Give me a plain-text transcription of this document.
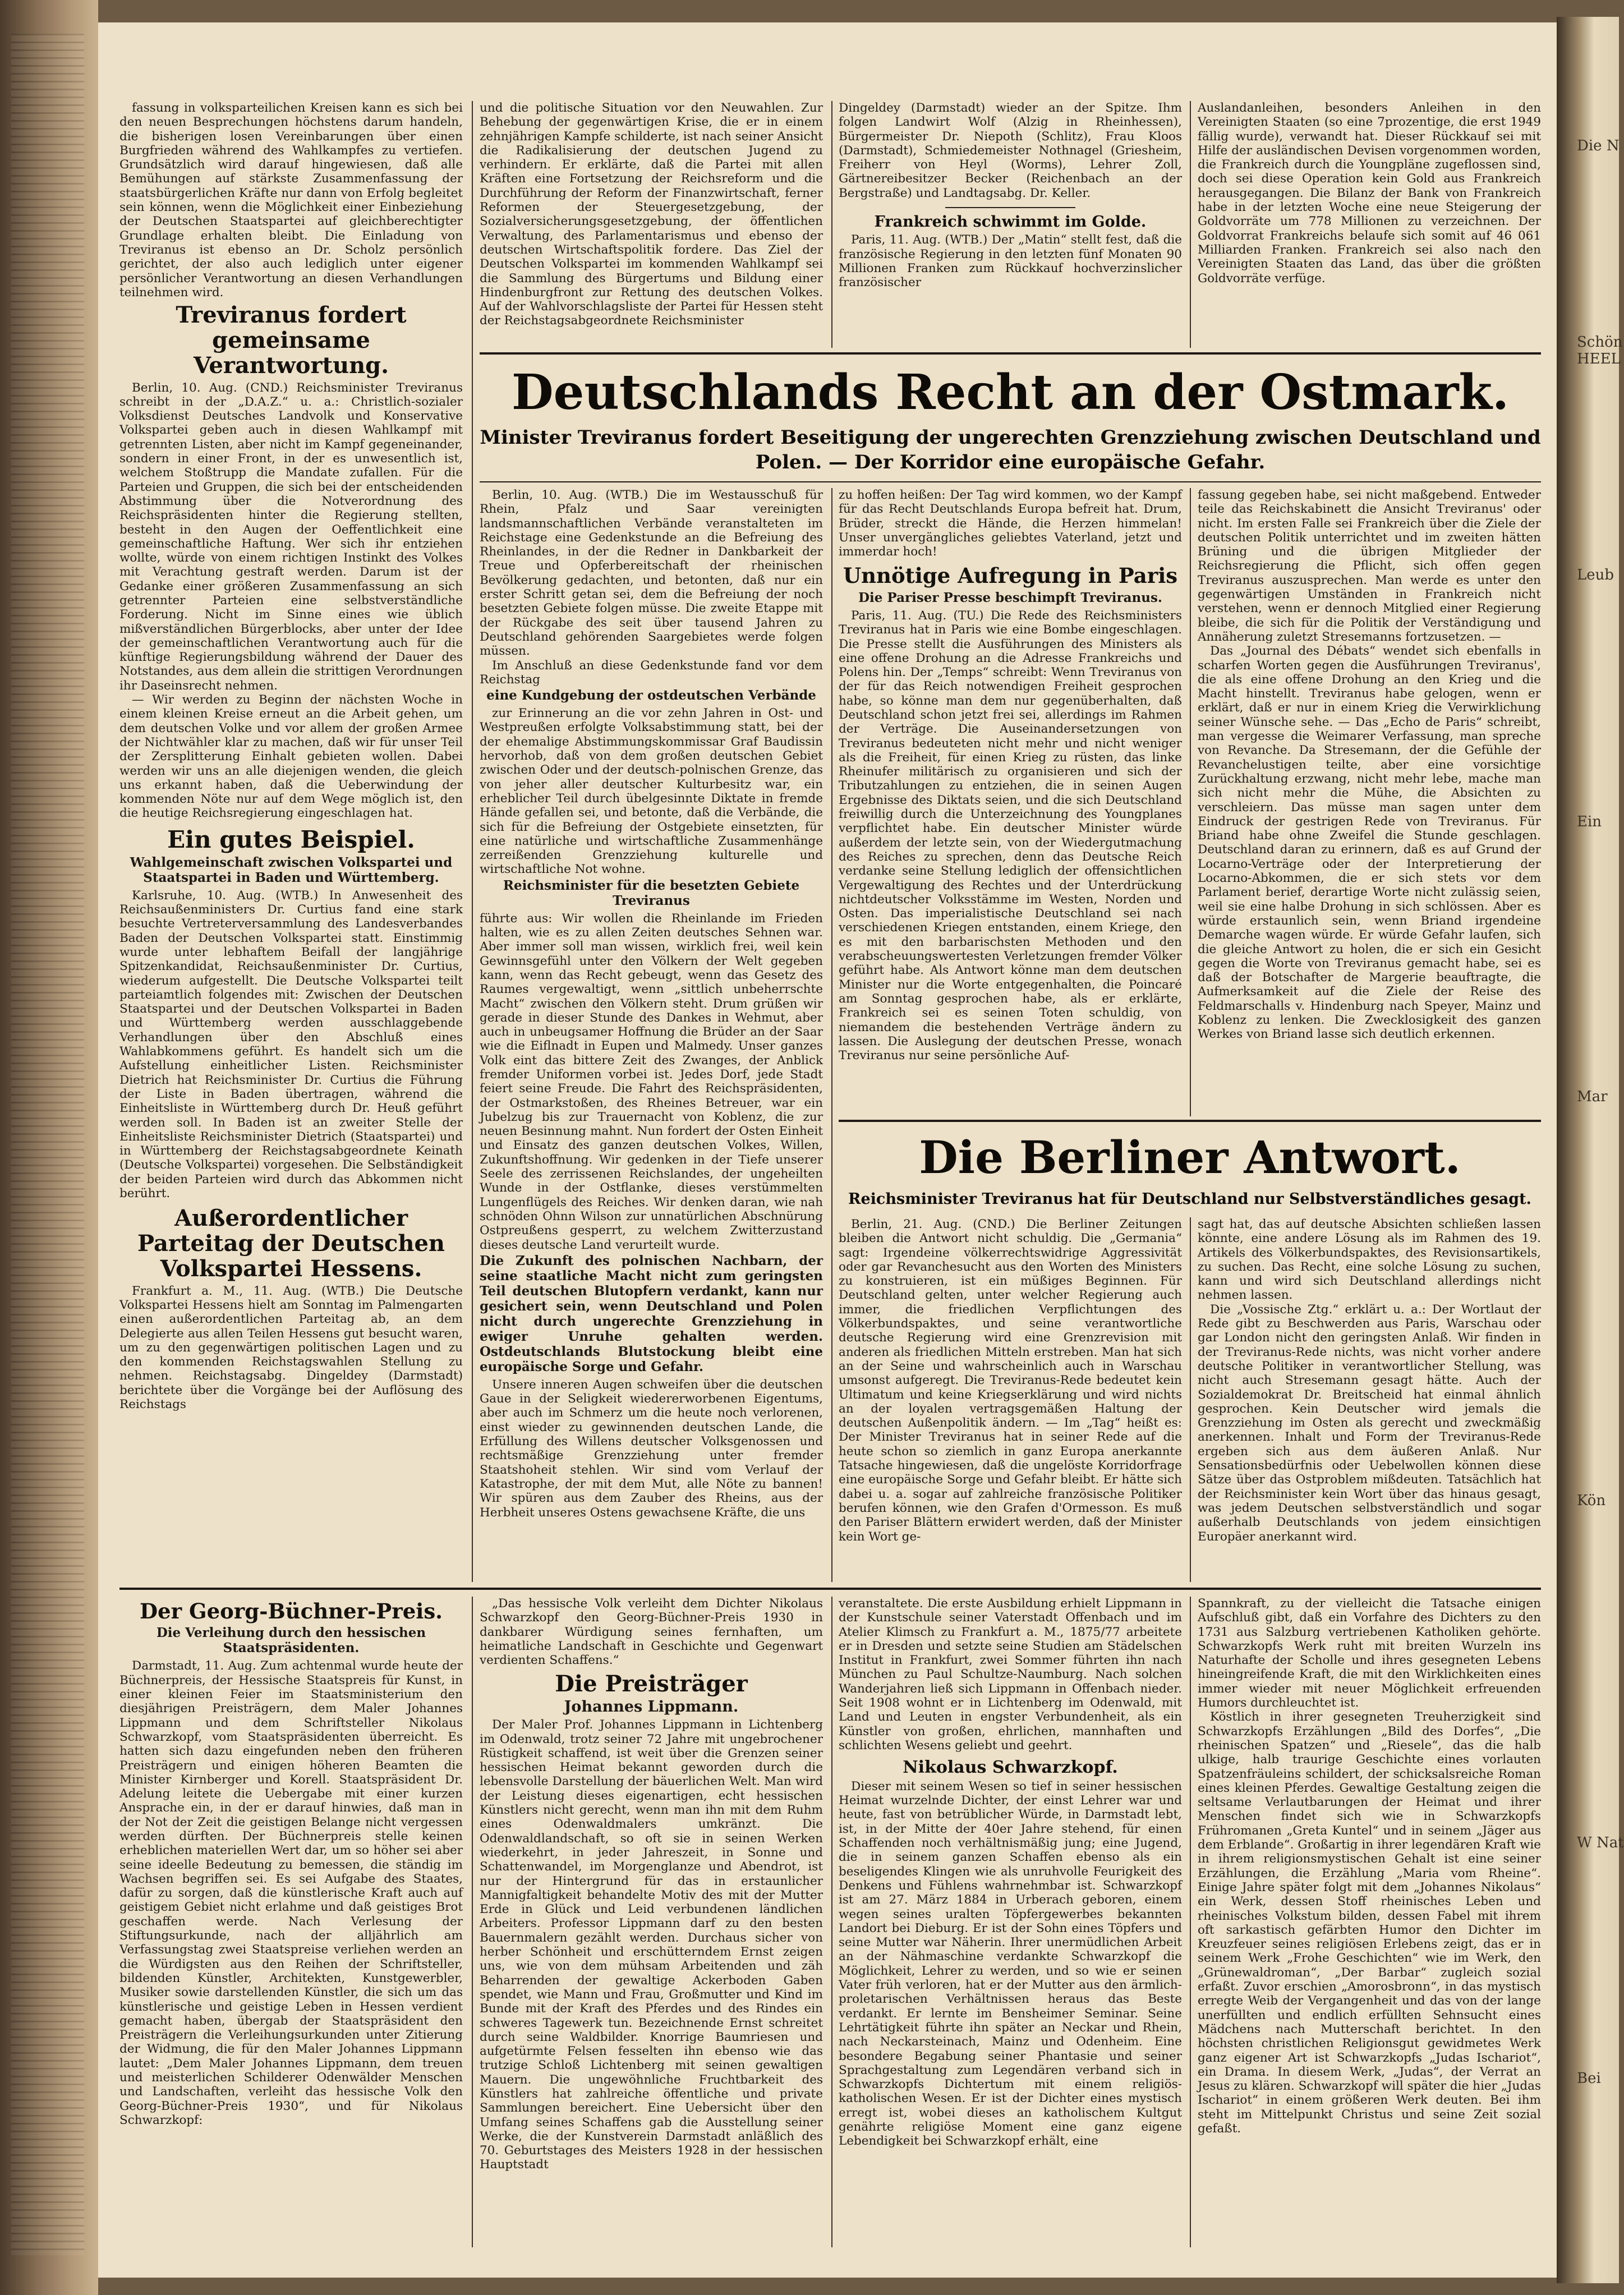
Die N
Schön
HEEL
Leub
Ein
Mar
Kön
W Nat
Bei

fassung in volksparteilichen Kreisen kann es sich bei den neuen Besprechungen höchstens darum handeln, die bisherigen losen Vereinbarungen über einen Burgfrieden während des Wahlkampfes zu vertiefen. Grundsätzlich wird darauf hingewiesen, daß alle Bemühungen auf stärkste Zusammenfassung der staatsbürgerlichen Kräfte nur dann von Erfolg begleitet sein können, wenn die Möglichkeit einer Einbeziehung der Deutschen Staatspartei auf gleichberechtigter Grundlage erhalten bleibt. Die Einladung von Treviranus ist ebenso an Dr. Scholz persönlich gerichtet, der also auch lediglich unter eigener persönlicher Verantwortung an diesen Verhandlungen teilnehmen wird.

Treviranus fordert gemeinsame Verantwortung.

Berlin, 10. Aug. (CND.) Reichsminister Treviranus schreibt in der „D.A.Z.“ u. a.: Christlich-sozialer Volksdienst Deutsches Landvolk und Konservative Volkspartei geben auch in diesen Wahlkampf mit getrennten Listen, aber nicht im Kampf gegeneinander, sondern in einer Front, in der es unwesentlich ist, welchem Stoßtrupp die Mandate zufallen. Für die Parteien und Gruppen, die sich bei der entscheidenden Abstimmung über die Notverordnung des Reichspräsidenten hinter die Regierung stellten, besteht in den Augen der Oeffentlichkeit eine gemeinschaftliche Haftung. Wer sich ihr entziehen wollte, würde von einem richtigen Instinkt des Volkes mit Verachtung gestraft werden. Darum ist der Gedanke einer größeren Zusammenfassung an sich getrennter Parteien eine selbstverständliche Forderung. Nicht im Sinne eines wie üblich mißverständlichen Bürgerblocks, aber unter der Idee der gemeinschaftlichen Verantwortung auch für die künftige Regierungsbildung während der Dauer des Notstandes, aus dem allein die strittigen Verordnungen ihr Daseinsrecht nehmen.

— Wir werden zu Beginn der nächsten Woche in einem kleinen Kreise erneut an die Arbeit gehen, um dem deutschen Volke und vor allem der großen Armee der Nichtwähler klar zu machen, daß wir für unser Teil der Zersplitterung Einhalt gebieten wollen. Dabei werden wir uns an alle diejenigen wenden, die gleich uns erkannt haben, daß die Ueberwindung der kommenden Nöte nur auf dem Wege möglich ist, den die heutige Reichsregierung eingeschlagen hat.

Ein gutes Beispiel.
Wahlgemeinschaft zwischen Volkspartei und Staatspartei in Baden und Württemberg.

Karlsruhe, 10. Aug. (WTB.) In Anwesenheit des Reichsaußenministers Dr. Curtius fand eine stark besuchte Vertreterversammlung des Landesverbandes Baden der Deutschen Volkspartei statt. Einstimmig wurde unter lebhaftem Beifall der langjährige Spitzenkandidat, Reichsaußenminister Dr. Curtius, wiederum aufgestellt. Die Deutsche Volkspartei teilt parteiamtlich folgendes mit: Zwischen der Deutschen Staatspartei und der Deutschen Volkspartei in Baden und Württemberg werden ausschlaggebende Verhandlungen über den Abschluß eines Wahlabkommens geführt. Es handelt sich um die Aufstellung einheitlicher Listen. Reichsminister Dietrich hat Reichsminister Dr. Curtius die Führung der Liste in Baden übertragen, während die Einheitsliste in Württemberg durch Dr. Heuß geführt werden soll. In Baden ist an zweiter Stelle der Einheitsliste Reichsminister Dietrich (Staatspartei) und in Württemberg der Reichstagsabgeordnete Keinath (Deutsche Volkspartei) vorgesehen. Die Selbständigkeit der beiden Parteien wird durch das Abkommen nicht berührt.

Außerordentlicher Parteitag der Deutschen Volkspartei Hessens.

Frankfurt a. M., 11. Aug. (WTB.) Die Deutsche Volkspartei Hessens hielt am Sonntag im Palmengarten einen außerordentlichen Parteitag ab, an dem Delegierte aus allen Teilen Hessens gut besucht waren, um zu den gegenwärtigen politischen Lagen und zu den kommenden Reichstagswahlen Stellung zu nehmen. Reichstagsabg. Dingeldey (Darmstadt) berichtete über die Vorgänge bei der Auflösung des Reichstags

und die politische Situation vor den Neuwahlen. Zur Behebung der gegenwärtigen Krise, die er in einem zehnjährigen Kampfe schilderte, ist nach seiner Ansicht die Radikalisierung der deutschen Jugend zu verhindern. Er erklärte, daß die Partei mit allen Kräften eine Fortsetzung der Reichsreform und die Durchführung der Reform der Finanzwirtschaft, ferner Reformen der Steuergesetzgebung, der Sozialversicherungsgesetzgebung, der öffentlichen Verwaltung, des Parlamentarismus und ebenso der deutschen Wirtschaftspolitik fordere. Das Ziel der Deutschen Volkspartei im kommenden Wahlkampf sei die Sammlung des Bürgertums und Bildung einer Hindenburgfront zur Rettung des deutschen Volkes. Auf der Wahlvorschlagsliste der Partei für Hessen steht der Reichstagsabgeordnete Reichsminister

Dingeldey (Darmstadt) wieder an der Spitze. Ihm folgen Landwirt Wolf (Alzig in Rheinhessen), Bürgermeister Dr. Niepoth (Schlitz), Frau Kloos (Darmstadt), Schmiedemeister Nothnagel (Griesheim, Freiherr von Heyl (Worms), Lehrer Zoll, Gärtnereibesitzer Becker (Reichenbach an der Bergstraße) und Landtagsabg. Dr. Keller.

Frankreich schwimmt im Golde.

Paris, 11. Aug. (WTB.) Der „Matin“ stellt fest, daß die französische Regierung in den letzten fünf Monaten 90 Millionen Franken zum Rückkauf hochverzinslicher französischer

Auslandanleihen, besonders Anleihen in den Vereinigten Staaten (so eine 7prozentige, die erst 1949 fällig wurde), verwandt hat. Dieser Rückkauf sei mit Hilfe der ausländischen Devisen vorgenommen worden, die Frankreich durch die Youngpläne zugeflossen sind, doch sei diese Operation kein Gold aus Frankreich herausgegangen. Die Bilanz der Bank von Frankreich habe in der letzten Woche eine neue Steigerung der Goldvorräte um 778 Millionen zu verzeichnen. Der Goldvorrat Frankreichs belaufe sich somit auf 46 061 Milliarden Franken. Frankreich sei also nach den Vereinigten Staaten das Land, das über die größten Goldvorräte verfüge.

Deutschlands Recht an der Ostmark.
Minister Treviranus fordert Beseitigung der ungerechten Grenzziehung zwischen Deutschland und Polen. — Der Korridor eine europäische Gefahr.

Berlin, 10. Aug. (WTB.) Die im Westausschuß für Rhein, Pfalz und Saar vereinigten landsmannschaftlichen Verbände veranstalteten im Reichstage eine Gedenkstunde an die Befreiung des Rheinlandes, in der die Redner in Dankbarkeit der Treue und Opferbereitschaft der rheinischen Bevölkerung gedachten, und betonten, daß nur ein erster Schritt getan sei, dem die Befreiung der noch besetzten Gebiete folgen müsse. Die zweite Etappe mit der Rückgabe des seit über tausend Jahren zu Deutschland gehörenden Saargebietes werde folgen müssen.

Im Anschluß an diese Gedenkstunde fand vor dem Reichstag

eine Kundgebung der ostdeutschen Verbände

zur Erinnerung an die vor zehn Jahren in Ost- und Westpreußen erfolgte Volksabstimmung statt, bei der der ehemalige Abstimmungskommissar Graf Baudissin hervorhob, daß von dem großen deutschen Gebiet zwischen Oder und der deutsch-polnischen Grenze, das von jeher aller deutscher Kulturbesitz war, ein erheblicher Teil durch übelgesinnte Diktate in fremde Hände gefallen sei, und betonte, daß die Verbände, die sich für die Befreiung der Ostgebiete einsetzten, für eine natürliche und wirtschaftliche Zusammenhänge zerreißenden Grenzziehung kulturelle und wirtschaftliche Not wohne.

Reichsminister für die besetzten Gebiete Treviranus

führte aus: Wir wollen die Rheinlande im Frieden halten, wie es zu allen Zeiten deutsches Sehnen war. Aber immer soll man wissen, wirklich frei, weil kein Gewinnsgefühl unter den Völkern der Welt gegeben kann, wenn das Recht gebeugt, wenn das Gesetz des Raumes vergewaltigt, wenn „sittlich unbeherrschte Macht“ zwischen den Völkern steht. Drum grüßen wir gerade in dieser Stunde des Dankes in Wehmut, aber auch in unbeugsamer Hoffnung die Brüder an der Saar wie die Eiflnadt in Eupen und Malmedy. Unser ganzes Volk eint das bittere Zeit des Zwanges, der Anblick fremder Uniformen vorbei ist. Jedes Dorf, jede Stadt feiert seine Freude. Die Fahrt des Reichspräsidenten, der Ostmarkstoßen, des Rheines Betreuer, war ein Jubelzug bis zur Trauernacht von Koblenz, die zur neuen Besinnung mahnt. Nun fordert der Osten Einheit und Einsatz des ganzen deutschen Volkes, Willen, Zukunftshoffnung. Wir gedenken in der Tiefe unserer Seele des zerrissenen Reichslandes, der ungeheilten Wunde in der Ostflanke, dieses verstümmelten Lungenflügels des Reiches. Wir denken daran, wie nah schnöden Ohnn Wilson zur unnatürlichen Abschnürung Ostpreußens gesperrt, zu welchem Zwitterzustand dieses deutsche Land verurteilt wurde.

Die Zukunft des polnischen Nachbarn, der seine staatliche Macht nicht zum geringsten Teil deutschen Blutopfern verdankt, kann nur gesichert sein, wenn Deutschland und Polen nicht durch ungerechte Grenzziehung in ewiger Unruhe gehalten werden. Ostdeutschlands Blutstockung bleibt eine europäische Sorge und Gefahr.

Unsere inneren Augen schweifen über die deutschen Gaue in der Seligkeit wiedererworbenen Eigentums, aber auch im Schmerz um die heute noch verlorenen, einst wieder zu gewinnenden deutschen Lande, die Erfüllung des Willens deutscher Volksgenossen und rechtsmäßige Grenzziehung unter fremder Staatshoheit stehlen. Wir sind vom Verlauf der Katastrophe, der mit dem Mut, alle Nöte zu bannen! Wir spüren aus dem Zauber des Rheins, aus der Herbheit unseres Ostens gewachsene Kräfte, die uns

zu hoffen heißen: Der Tag wird kommen, wo der Kampf für das Recht Deutschlands Europa befreit hat. Drum, Brüder, streckt die Hände, die Herzen himmelan! Unser unvergängliches geliebtes Vaterland, jetzt und immerdar hoch!

Unnötige Aufregung in Paris
Die Pariser Presse beschimpft Treviranus.

Paris, 11. Aug. (TU.) Die Rede des Reichsministers Treviranus hat in Paris wie eine Bombe eingeschlagen. Die Presse stellt die Ausführungen des Ministers als eine offene Drohung an die Adresse Frankreichs und Polens hin. Der „Temps“ schreibt: Wenn Treviranus von der für das Reich notwendigen Freiheit gesprochen habe, so könne man dem nur gegenüberhalten, daß Deutschland schon jetzt frei sei, allerdings im Rahmen der Verträge. Die Auseinandersetzungen von Treviranus bedeuteten nicht mehr und nicht weniger als die Freiheit, für einen Krieg zu rüsten, das linke Rheinufer militärisch zu organisieren und sich der Tributzahlungen zu entziehen, die in seinen Augen Ergebnisse des Diktats seien, und die sich Deutschland freiwillig durch die Unterzeichnung des Youngplanes verpflichtet habe. Ein deutscher Minister würde außerdem der letzte sein, von der Wiedergutmachung des Reiches zu sprechen, denn das Deutsche Reich verdanke seine Stellung lediglich der offensichtlichen Vergewaltigung des Rechtes und der Unterdrückung nichtdeutscher Volksstämme im Westen, Norden und Osten. Das imperialistische Deutschland sei nach verschiedenen Kriegen entstanden, einem Kriege, den es mit den barbarischsten Methoden und den verabscheuungswertesten Verletzungen fremder Völker geführt habe. Als Antwort könne man dem deutschen Minister nur die Worte entgegenhalten, die Poincaré am Sonntag gesprochen habe, als er erklärte, Frankreich sei es seinen Toten schuldig, von niemandem die bestehenden Verträge ändern zu lassen. Die Auslegung der deutschen Presse, wonach Treviranus nur seine persönliche Auf-

fassung gegeben habe, sei nicht maßgebend. Entweder teile das Reichskabinett die Ansicht Treviranus' oder nicht. Im ersten Falle sei Frankreich über die Ziele der deutschen Politik unterrichtet und im zweiten hätten Brüning und die übrigen Mitglieder der Reichsregierung die Pflicht, sich offen gegen Treviranus auszusprechen. Man werde es unter den gegenwärtigen Umständen in Frankreich nicht verstehen, wenn er dennoch Mitglied einer Regierung bleibe, die sich für die Politik der Verständigung und Annäherung zuletzt Stresemanns fortzusetzen. —

Das „Journal des Débats“ wendet sich ebenfalls in scharfen Worten gegen die Ausführungen Treviranus', die als eine offene Drohung an den Krieg und die Macht hinstellt. Treviranus habe gelogen, wenn er erklärt, daß er nur in einem Krieg die Verwirklichung seiner Wünsche sehe. — Das „Echo de Paris“ schreibt, man vergesse die Weimarer Verfassung, man spreche von Revanche. Da Stresemann, der die Gefühle der Revanchelustigen teilte, aber eine vorsichtige Zurückhaltung erzwang, nicht mehr lebe, mache man sich nicht mehr die Mühe, die Absichten zu verschleiern. Das müsse man sagen unter dem Eindruck der gestrigen Rede von Treviranus. Für Briand habe ohne Zweifel die Stunde geschlagen. Deutschland daran zu erinnern, daß es auf Grund der Locarno-Verträge oder der Interpretierung der Locarno-Abkommen, die er sich stets vor dem Parlament berief, derartige Worte nicht zulässig seien, weil sie eine halbe Drohung in sich schlössen. Aber es würde erstaunlich sein, wenn Briand irgendeine Demarche wagen würde. Er würde Gefahr laufen, sich die gleiche Antwort zu holen, die er sich ein Gesicht gegen die Worte von Treviranus gemacht habe, sei es daß der Botschafter de Margerie beauftragte, die Aufmerksamkeit auf die Ziele der Reise des Feldmarschalls v. Hindenburg nach Speyer, Mainz und Koblenz zu lenken. Die Zwecklosigkeit des ganzen Werkes von Briand lasse sich deutlich erkennen.

Die Berliner Antwort.
Reichsminister Treviranus hat für Deutschland nur Selbstverständliches gesagt.

Berlin, 21. Aug. (CND.) Die Berliner Zeitungen bleiben die Antwort nicht schuldig. Die „Germania“ sagt: Irgendeine völkerrechtswidrige Aggressivität oder gar Revanchesucht aus den Worten des Ministers zu konstruieren, ist ein müßiges Beginnen. Für Deutschland gelten, unter welcher Regierung auch immer, die friedlichen Verpflichtungen des Völkerbundspaktes, und seine verantwortliche deutsche Regierung wird eine Grenzrevision mit anderen als friedlichen Mitteln erstreben. Man hat sich an der Seine und wahrscheinlich auch in Warschau umsonst aufgeregt. Die Treviranus-Rede bedeutet kein Ultimatum und keine Kriegserklärung und wird nichts an der loyalen vertragsgemäßen Haltung der deutschen Außenpolitik ändern. — Im „Tag“ heißt es: Der Minister Treviranus hat in seiner Rede auf die heute schon so ziemlich in ganz Europa anerkannte Tatsache hingewiesen, daß die ungelöste Korridorfrage eine europäische Sorge und Gefahr bleibt. Er hätte sich dabei u. a. sogar auf zahlreiche französische Politiker berufen können, wie den Grafen d'Ormesson. Es muß den Pariser Blättern erwidert werden, daß der Minister kein Wort ge-

sagt hat, das auf deutsche Absichten schließen lassen könnte, eine andere Lösung als im Rahmen des 19. Artikels des Völkerbundspaktes, des Revisionsartikels, zu suchen. Das Recht, eine solche Lösung zu suchen, kann und wird sich Deutschland allerdings nicht nehmen lassen.

Die „Vossische Ztg.“ erklärt u. a.: Der Wortlaut der Rede gibt zu Beschwerden aus Paris, Warschau oder gar London nicht den geringsten Anlaß. Wir finden in der Treviranus-Rede nichts, was nicht vorher andere deutsche Politiker in verantwortlicher Stellung, was nicht auch Stresemann gesagt hätte. Auch der Sozialdemokrat Dr. Breitscheid hat einmal ähnlich gesprochen. Kein Deutscher wird jemals die Grenzziehung im Osten als gerecht und zweckmäßig anerkennen. Inhalt und Form der Treviranus-Rede ergeben sich aus dem äußeren Anlaß. Nur Sensationsbedürfnis oder Uebelwollen können diese Sätze über das Ostproblem mißdeuten. Tatsächlich hat der Reichsminister kein Wort über das hinaus gesagt, was jedem Deutschen selbstverständlich und sogar außerhalb Deutschlands von jedem einsichtigen Europäer anerkannt wird.

Der Georg-Büchner-Preis.
Die Verleihung durch den hessischen Staatspräsidenten.

Darmstadt, 11. Aug. Zum achtenmal wurde heute der Büchnerpreis, der Hessische Staatspreis für Kunst, in einer kleinen Feier im Staatsministerium den diesjährigen Preisträgern, dem Maler Johannes Lippmann und dem Schriftsteller Nikolaus Schwarzkopf, vom Staatspräsidenten überreicht. Es hatten sich dazu eingefunden neben den früheren Preisträgern und einigen höheren Beamten die Minister Kirnberger und Korell. Staatspräsident Dr. Adelung leitete die Uebergabe mit einer kurzen Ansprache ein, in der er darauf hinwies, daß man in der Not der Zeit die geistigen Belange nicht vergessen werden dürften. Der Büchnerpreis stelle keinen erheblichen materiellen Wert dar, um so höher sei aber seine ideelle Bedeutung zu bemessen, die ständig im Wachsen begriffen sei. Es sei Aufgabe des Staates, dafür zu sorgen, daß die künstlerische Kraft auch auf geistigem Gebiet nicht erlahme und daß geistiges Brot geschaffen werde. Nach Verlesung der Stiftungsurkunde, nach der alljährlich am Verfassungstag zwei Staatspreise verliehen werden an die Würdigsten aus den Reihen der Schriftsteller, bildenden Künstler, Architekten, Kunstgewerbler, Musiker sowie darstellenden Künstler, die sich um das künstlerische und geistige Leben in Hessen verdient gemacht haben, übergab der Staatspräsident den Preisträgern die Verleihungsurkunden unter Zitierung der Widmung, die für den Maler Johannes Lippmann lautet: „Dem Maler Johannes Lippmann, dem treuen und meisterlichen Schilderer Odenwälder Menschen und Landschaften, verleiht das hessische Volk den Georg-Büchner-Preis 1930“, und für Nikolaus Schwarzkopf:

„Das hessische Volk verleiht dem Dichter Nikolaus Schwarzkopf den Georg-Büchner-Preis 1930 in dankbarer Würdigung seines fernhaften, um heimatliche Landschaft in Geschichte und Gegenwart verdienten Schaffens.“

Die Preisträger
Johannes Lippmann.

Der Maler Prof. Johannes Lippmann in Lichtenberg im Odenwald, trotz seiner 72 Jahre mit ungebrochener Rüstigkeit schaffend, ist weit über die Grenzen seiner hessischen Heimat bekannt geworden durch die lebensvolle Darstellung der bäuerlichen Welt. Man wird der Leistung dieses eigenartigen, echt hessischen Künstlers nicht gerecht, wenn man ihn mit dem Ruhm eines Odenwaldmalers umkränzt. Die Odenwaldlandschaft, so oft sie in seinen Werken wiederkehrt, in jeder Jahreszeit, in Sonne und Schattenwandel, im Morgenglanze und Abendrot, ist nur der Hintergrund für das in erstaunlicher Mannigfaltigkeit behandelte Motiv des mit der Mutter Erde in Glück und Leid verbundenen ländlichen Arbeiters. Professor Lippmann darf zu den besten Bauernmalern gezählt werden. Durchaus sicher von herber Schönheit und erschütterndem Ernst zeigen uns, wie von dem mühsam Arbeitenden und zäh Beharrenden der gewaltige Ackerboden Gaben spendet, wie Mann und Frau, Großmutter und Kind im Bunde mit der Kraft des Pferdes und des Rindes ein schweres Tagewerk tun. Bezeichnende Ernst schreitet durch seine Waldbilder. Knorrige Baumriesen und aufgetürmte Felsen fesselten ihn ebenso wie das trutzige Schloß Lichtenberg mit seinen gewaltigen Mauern. Die ungewöhnliche Fruchtbarkeit des Künstlers hat zahlreiche öffentliche und private Sammlungen bereichert. Eine Uebersicht über den Umfang seines Schaffens gab die Ausstellung seiner Werke, die der Kunstverein Darmstadt anläßlich des 70. Geburtstages des Meisters 1928 in der hessischen Hauptstadt

veranstaltete. Die erste Ausbildung erhielt Lippmann in der Kunstschule seiner Vaterstadt Offenbach und im Atelier Klimsch zu Frankfurt a. M., 1875/77 arbeitete er in Dresden und setzte seine Studien am Städelschen Institut in Frankfurt, zwei Sommer führten ihn nach München zu Paul Schultze-Naumburg. Nach solchen Wanderjahren ließ sich Lippmann in Offenbach nieder. Seit 1908 wohnt er in Lichtenberg im Odenwald, mit Land und Leuten in engster Verbundenheit, als ein Künstler von großen, ehrlichen, mannhaften und schlichten Wesens geliebt und geehrt.

Nikolaus Schwarzkopf.

Dieser mit seinem Wesen so tief in seiner hessischen Heimat wurzelnde Dichter, der einst Lehrer war und heute, fast von betrüblicher Würde, in Darmstadt lebt, ist, in der Mitte der 40er Jahre stehend, für einen Schaffenden noch verhältnismäßig jung; eine Jugend, die in seinem ganzen Schaffen ebenso als ein beseligendes Klingen wie als unruhvolle Feurigkeit des Denkens und Fühlens wahrnehmbar ist. Schwarzkopf ist am 27. März 1884 in Urberach geboren, einem wegen seines uralten Töpfergewerbes bekannten Landort bei Dieburg. Er ist der Sohn eines Töpfers und seine Mutter war Näherin. Ihrer unermüdlichen Arbeit an der Nähmaschine verdankte Schwarzkopf die Möglichkeit, Lehrer zu werden, und so wie er seinen Vater früh verloren, hat er der Mutter aus den ärmlich-proletarischen Verhältnissen heraus das Beste verdankt. Er lernte im Bensheimer Seminar. Seine Lehrtätigkeit führte ihn später an Neckar und Rhein, nach Neckarsteinach, Mainz und Odenheim. Eine besondere Begabung seiner Phantasie und seiner Sprachgestaltung zum Legendären verband sich in Schwarzkopfs Dichtertum mit einem religiös-katholischen Wesen. Er ist der Dichter eines mystisch erregt ist, wobei dieses an katholischem Kultgut genährte religiöse Moment eine ganz eigene Lebendigkeit bei Schwarzkopf erhält, eine

Spannkraft, zu der vielleicht die Tatsache einigen Aufschluß gibt, daß ein Vorfahre des Dichters zu den 1731 aus Salzburg vertriebenen Katholiken gehörte. Schwarzkopfs Werk ruht mit breiten Wurzeln ins Naturhafte der Scholle und ihres gesegneten Lebens hineingreifende Kraft, die mit den Wirklichkeiten eines immer wieder mit neuer Möglichkeit erfreuenden Humors durchleuchtet ist.

Köstlich in ihrer gesegneten Treuherzigkeit sind Schwarzkopfs Erzählungen „Bild des Dorfes“, „Die rheinischen Spatzen“ und „Riesele“, das die halb ulkige, halb traurige Geschichte eines vorlauten Spatzenfräuleins schildert, der schicksalsreiche Roman eines kleinen Pferdes. Gewaltige Gestaltung zeigen die seltsame Verlautbarungen der Heimat und ihrer Menschen findet sich wie in Schwarzkopfs Frühromanen „Greta Kuntel“ und in seinem „Jäger aus dem Erblande“. Großartig in ihrer legendären Kraft wie in ihrem religionsmystischen Gehalt ist eine seiner Erzählungen, die Erzählung „Maria vom Rheine“. Einige Jahre später folgt mit dem „Johannes Nikolaus“ ein Werk, dessen Stoff rheinisches Leben und rheinisches Volkstum bilden, dessen Fabel mit ihrem oft sarkastisch gefärbten Humor den Dichter im Kreuzfeuer seines religiösen Erlebens zeigt, das er in seinem Werk „Frohe Geschichten“ wie im Werk, den „Grünewaldroman“, „Der Barbar“ zugleich sozial erfaßt. Zuvor erschien „Amorosbronn“, in das mystisch erregte Weib der Vergangenheit und das von der lange unerfüllten und endlich erfüllten Sehnsucht eines Mädchens nach Mutterschaft berichtet. In den höchsten christlichen Religionsgut gewidmetes Werk ganz eigener Art ist Schwarzkopfs „Judas Ischariot“, ein Drama. In diesem Werk, „Judas“, der Verrat an Jesus zu klären. Schwarzkopf will später die hier „Judas Ischariot“ in einem größeren Werk deuten. Bei ihm steht im Mittelpunkt Christus und seine Zeit sozial gefaßt.
